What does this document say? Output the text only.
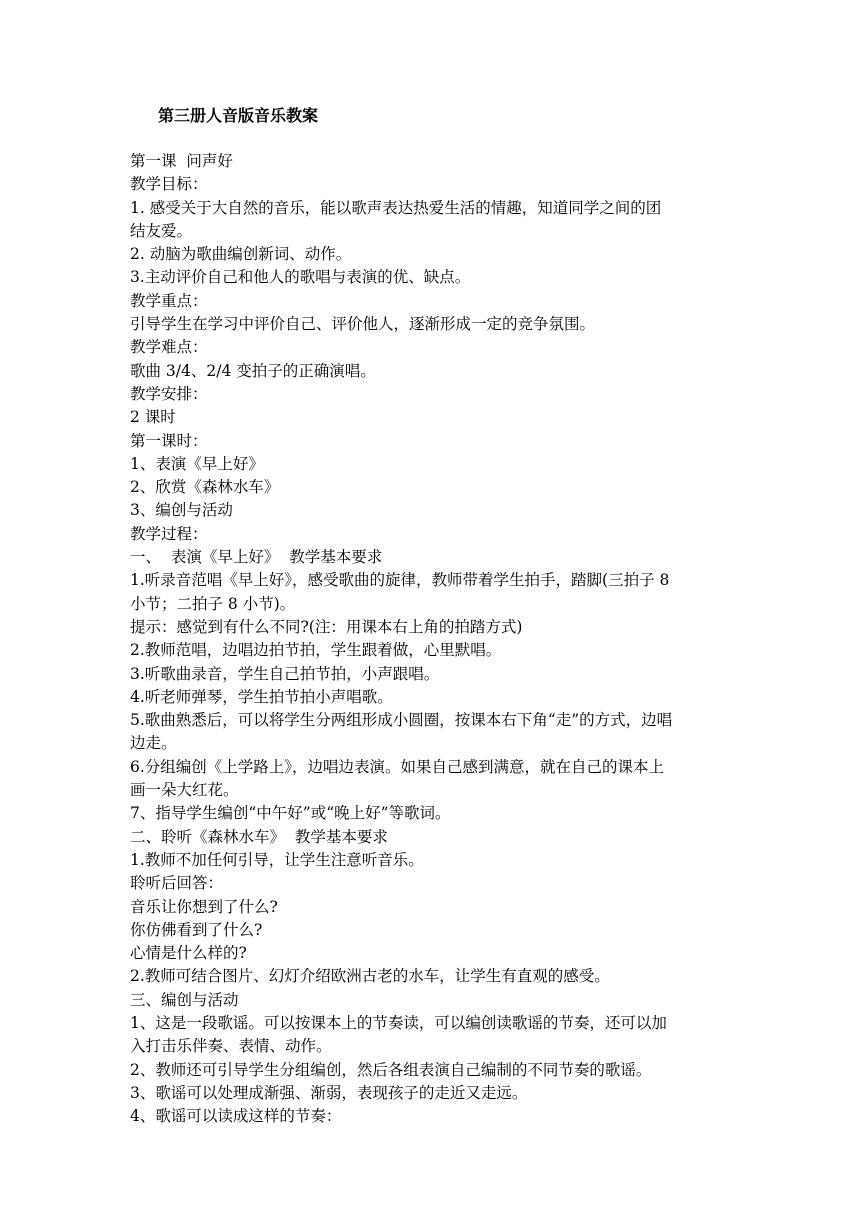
第三册人音版音乐教案
第一课  问声好
教学目标：
1. 感受关于大自然的音乐，能以歌声表达热爱生活的情趣，知道同学之间的团
结友爱。
2. 动脑为歌曲编创新词、动作。
3.主动评价自己和他人的歌唱与表演的优、缺点。
教学重点：
引导学生在学习中评价自己、评价他人，逐渐形成一定的竞争氛围。
教学难点：
歌曲 3/4、2/4 变拍子的正确演唱。
教学安排：
2 课时
第一课时：
1、表演《早上好》
2、欣赏《森林水车》
3、编创与活动
教学过程：
一、  表演《早上好》  教学基本要求
1.听录音范唱《早上好》，感受歌曲的旋律，教师带着学生拍手，踏脚(三拍子 8
小节；二拍子 8 小节)。
提示：感觉到有什么不同?(注：用课本右上角的拍踏方式)
2.教师范唱，边唱边拍节拍，学生跟着做，心里默唱。
3.听歌曲录音，学生自己拍节拍，小声跟唱。
4.听老师弹琴，学生拍节拍小声唱歌。
5.歌曲熟悉后，可以将学生分两组形成小圆圈，按课本右下角“走”的方式，边唱
边走。
6.分组编创《上学路上》，边唱边表演。如果自己感到满意，就在自己的课本上
画一朵大红花。
7、指导学生编创“中午好”或“晚上好”等歌词。
二、聆听《森林水车》  教学基本要求
1.教师不加任何引导，让学生注意听音乐。
聆听后回答：
音乐让你想到了什么?
你仿佛看到了什么?
心情是什么样的?
2.教师可结合图片、幻灯介绍欧洲古老的水车，让学生有直观的感受。
三、编创与活动
1、这是一段歌谣。可以按课本上的节奏读，可以编创读歌谣的节奏，还可以加
入打击乐伴奏、表情、动作。
2、教师还可引导学生分组编创，然后各组表演自己编制的不同节奏的歌谣。
3、歌谣可以处理成渐强、渐弱，表现孩子的走近又走远。
4、歌谣可以读成这样的节奏：
